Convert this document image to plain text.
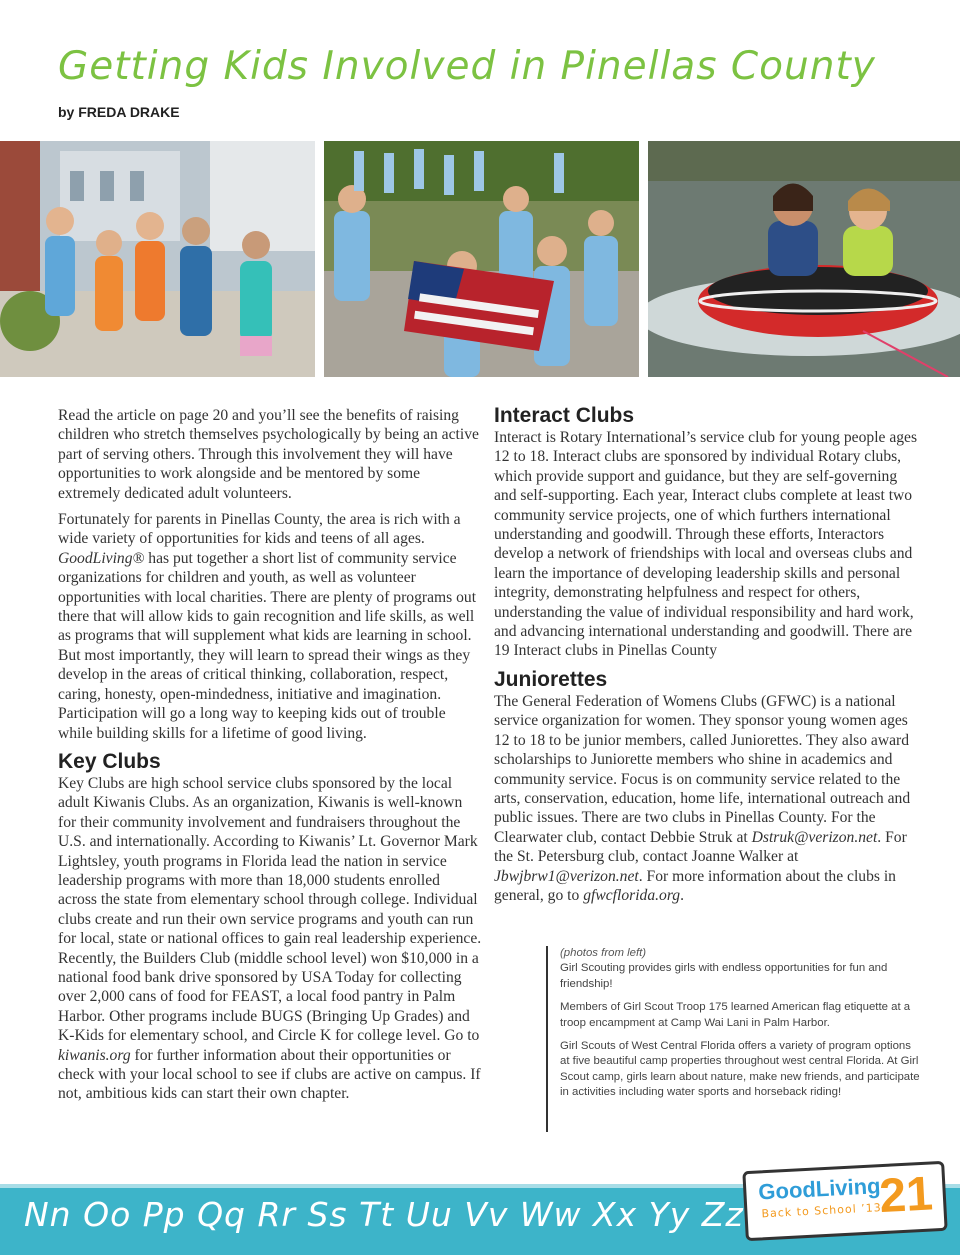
Getting Kids Involved in Pinellas County
by FREDA DRAKE

Read the article on page 20 and you’ll see the benefits of raising children who stretch themselves psychologically by being an active part of serving others. Through this involvement they will have opportunities to work alongside and be mentored by some extremely dedicated adult volunteers.

Fortunately for parents in Pinellas County, the area is rich with a wide variety of opportunities for kids and teens of all ages. GoodLiving® has put together a short list of community service organizations for children and youth, as well as volunteer opportunities with local charities. There are plenty of programs out there that will allow kids to gain recognition and life skills, as well as programs that will supplement what kids are learning in school. But most importantly, they will learn to spread their wings as they develop in the areas of critical thinking, collaboration, respect, caring, honesty, open-mindedness, initiative and imagination. Participation will go a long way to keeping kids out of trouble while building skills for a lifetime of good living.

Key Clubs

Key Clubs are high school service clubs sponsored by the local adult Kiwanis Clubs. As an organization, Kiwanis is well-known for their community involvement and fundraisers throughout the U.S. and internationally. According to Kiwanis’ Lt. Governor Mark Lightsley, youth programs in Florida lead the nation in service leadership programs with more than 18,000 students enrolled across the state from elementary school through college. Individual clubs create and run their own service programs and youth can run for local, state or national offices to gain real leadership experience. Recently, the Builders Club (middle school level) won $10,000 in a national food bank drive sponsored by USA Today for collecting over 2,000 cans of food for FEAST, a local food pantry in Palm Harbor. Other programs include BUGS (Bringing Up Grades) and K-Kids for elementary school, and Circle K for college level. Go to kiwanis.org for further information about their opportunities or check with your local school to see if clubs are active on campus. If not, ambitious kids can start their own chapter.

Interact Clubs

Interact is Rotary International’s service club for young people ages 12 to 18. Interact clubs are sponsored by individual Rotary clubs, which provide support and guidance, but they are self-governing and self-supporting. Each year, Interact clubs complete at least two community service projects, one of which furthers international understanding and goodwill. Through these efforts, Interactors develop a network of friendships with local and overseas clubs and learn the importance of developing leadership skills and personal integrity, demonstrating helpfulness and respect for others, understanding the value of individual responsibility and hard work, and advancing international understanding and goodwill. There are 19 Interact clubs in Pinellas County

Juniorettes

The General Federation of Womens Clubs (GFWC) is a national service organization for women. They sponsor young women ages 12 to 18 to be junior members, called Juniorettes. They also award scholarships to Juniorette members who shine in academics and community service. Focus is on community service related to the arts, conservation, education, home life, international outreach and public issues. There are two clubs in Pinellas County. For the Clearwater club, contact Debbie Struk at Dstruk@verizon.net. For the St. Petersburg club, contact Joanne Walker at Jbwjbrw1@verizon.net. For more information about the clubs in general, go to gfwcflorida.org.

(photos from left)

Girl Scouting provides girls with endless opportunities for fun and friendship!

Members of Girl Scout Troop 175 learned American flag etiquette at a troop encampment at Camp Wai Lani in Palm Harbor.

Girl Scouts of West Central Florida offers a variety of program options at five beautiful camp properties throughout west central Florida. At Girl Scout camp, girls learn about nature, make new friends, and participate in activities including water sports and horseback riding!

Nn Oo Pp Qq Rr Ss Tt Uu Vv Ww Xx Yy Zz
GoodLiving
Back to School ’13
21
